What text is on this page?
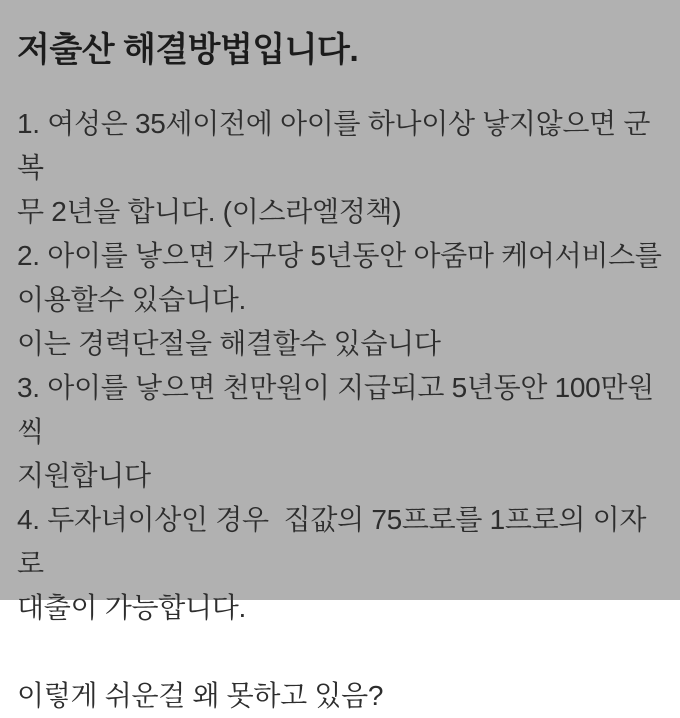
저출산 해결방법입니다.
1. 여성은 35세이전에 아이를 하나이상 낳지않으면 군복
무 2년을 합니다. (이스라엘정책)
2. 아이를 낳으면 가구당 5년동안 아줌마 케어서비스를
이용할수 있습니다.
이는 경력단절을 해결할수 있습니다
3. 아이를 낳으면 천만원이 지급되고 5년동안 100만원씩
지원합니다
4. 두자녀이상인 경우  집값의 75프로를 1프로의 이자로
대출이 가능합니다.
이렇게 쉬운걸 왜 못하고 있음?
